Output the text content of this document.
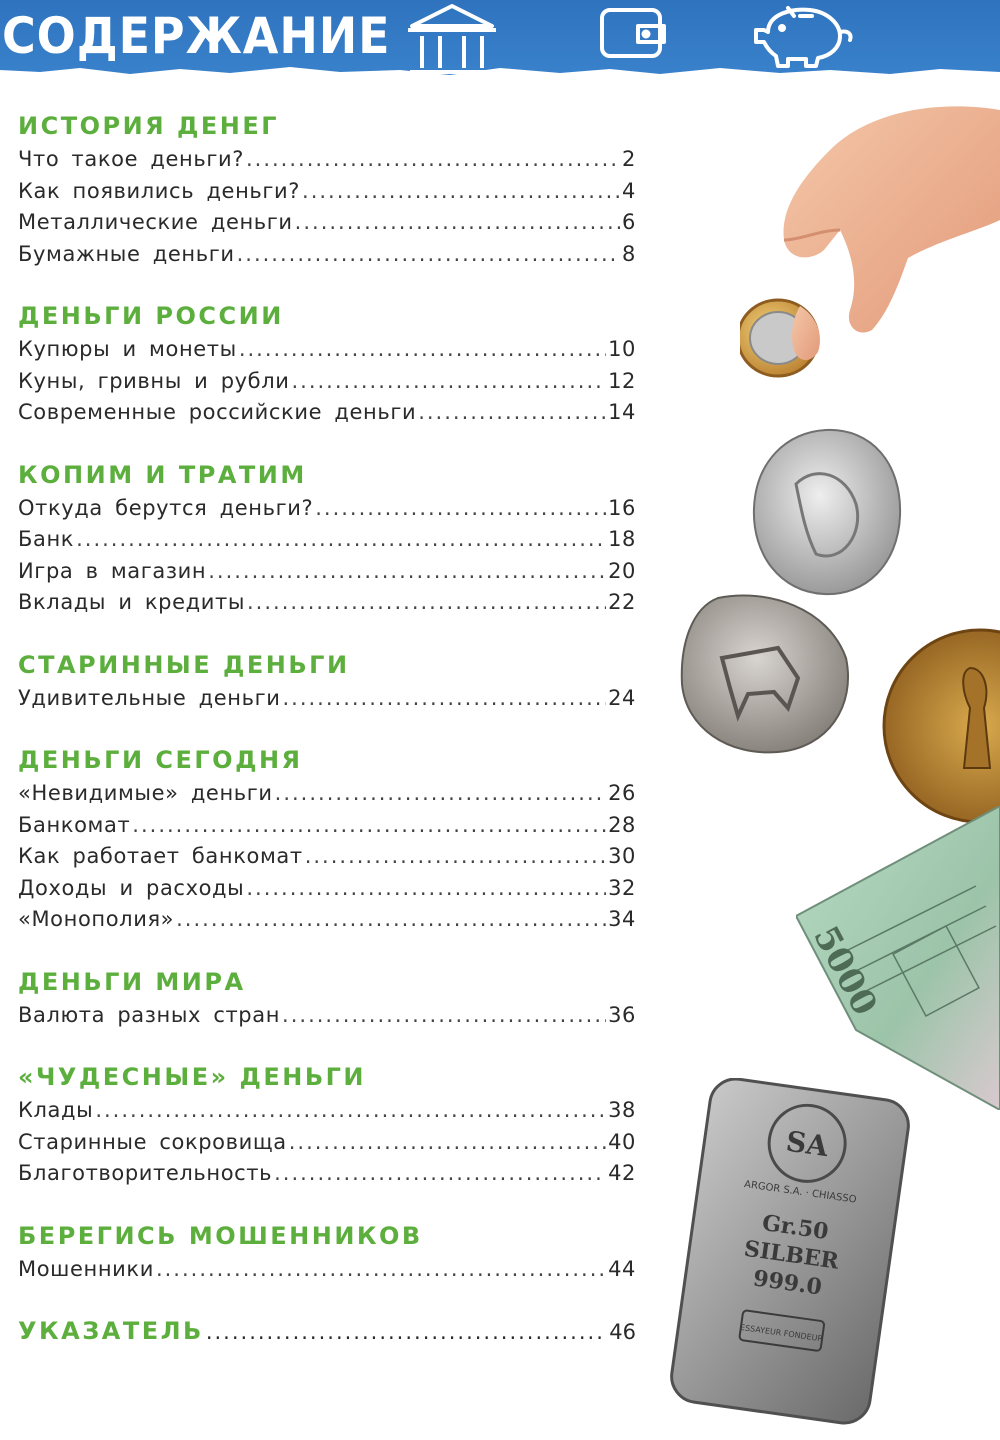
СОДЕРЖАНИЕ
ИСТОРИЯ ДЕНЕГ
Что такое деньги? .....	2
Как появились деньги? .....	4
Металлические деньги .....	6
Бумажные деньги .....	8
ДЕНЬГИ РОССИИ
Купюры и монеты .....	10
Куны, гривны и рубли .....	12
Современные российские деньги .....	14
КОПИМ И ТРАТИМ
Откуда берутся деньги? .....	16
Банк .....	18
Игра в магазин .....	20
Вклады и кредиты .....	22
СТАРИННЫЕ ДЕНЬГИ
Удивительные деньги .....	24
ДЕНЬГИ СЕГОДНЯ
«Невидимые» деньги .....	26
Банкомат .....	28
Как работает банкомат .....	30
Доходы и расходы .....	32
«Монополия» .....	34
ДЕНЬГИ МИРА
Валюта разных стран .....	36
«ЧУДЕСНЫЕ» ДЕНЬГИ
Клады .....	38
Старинные сокровища .....	40
Благотворительность .....	42
БЕРЕГИСЬ МОШЕННИКОВ
Мошенники .....	44
УКАЗАТЕЛЬ .....	46
5000
SA
ARGOR S.A. · CHIASSO
Gr.50
SILBER
999.0
ESSAYEUR FONDEUR
